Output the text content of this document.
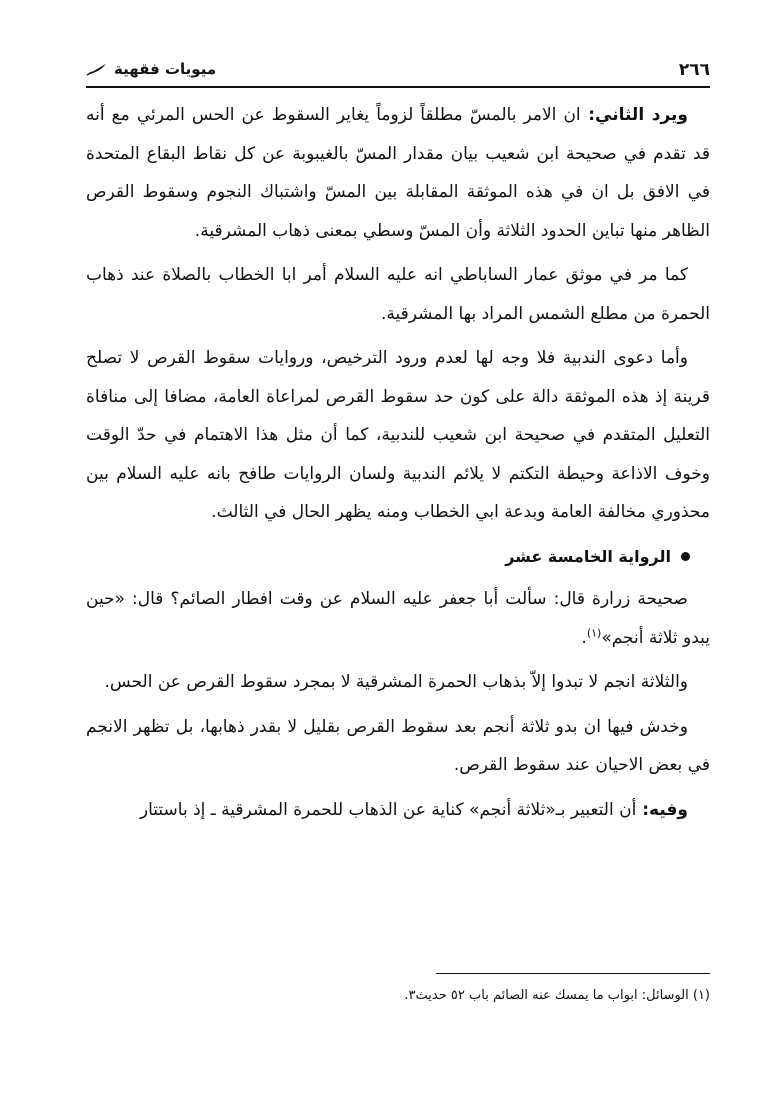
٢٦٦
ميويات فقهية

ويرد الثاني: ان الامر بالمسّ مطلقاً لزوماً يغاير السقوط عن الحس المرئي مع أنه قد تقدم في صحيحة ابن شعيب بيان مقدار المسّ بالغيبوبة عن كل نقاط البقاع المتحدة في الافق بل ان في هذه الموثقة المقابلة بين المسّ واشتباك النجوم وسقوط القرص الظاهر منها تباين الحدود الثلاثة وأن المسّ وسطي بمعنى ذهاب المشرقية.

كما مر في موثق عمار الساباطي انه عليه السلام أمر ابا الخطاب بالصلاة عند ذهاب الحمرة من مطلع الشمس المراد بها المشرقية.

وأما دعوى الندبية فلا وجه لها لعدم ورود الترخيص، وروايات سقوط القرص لا تصلح قرينة إذ هذه الموثقة دالة على كون حد سقوط القرص لمراعاة العامة، مضافا إلى منافاة التعليل المتقدم في صحيحة ابن شعيب للندبية، كما أن مثل هذا الاهتمام في حدّ الوقت وخوف الاذاعة وحيطة التكتم لا يلائم الندبية ولسان الروايات طافح بانه عليه السلام بين محذوري مخالفة العامة وبدعة ابي الخطاب ومنه يظهر الحال في الثالث.

الرواية الخامسة عشر

صحيحة زرارة قال: سألت أبا جعفر عليه السلام عن وقت افطار الصائم؟ قال: «حين يبدو ثلاثة أنجم»$^{(١)}$.

والثلاثة انجم لا تبدوا إلاّ بذهاب الحمرة المشرقية لا بمجرد سقوط القرص عن الحس.

وخدش فيها ان بدو ثلاثة أنجم بعد سقوط القرص بقليل لا بقدر ذهابها، بل تظهر الانجم في بعض الاحيان عند سقوط القرص.

وفيه: أن التعبير بـ«ثلاثة أنجم» كناية عن الذهاب للحمرة المشرقية ـ إذ باستتار

(١) الوسائل: ابواب ما يمسك عنه الصائم باب ٥٢ حديث٣.
